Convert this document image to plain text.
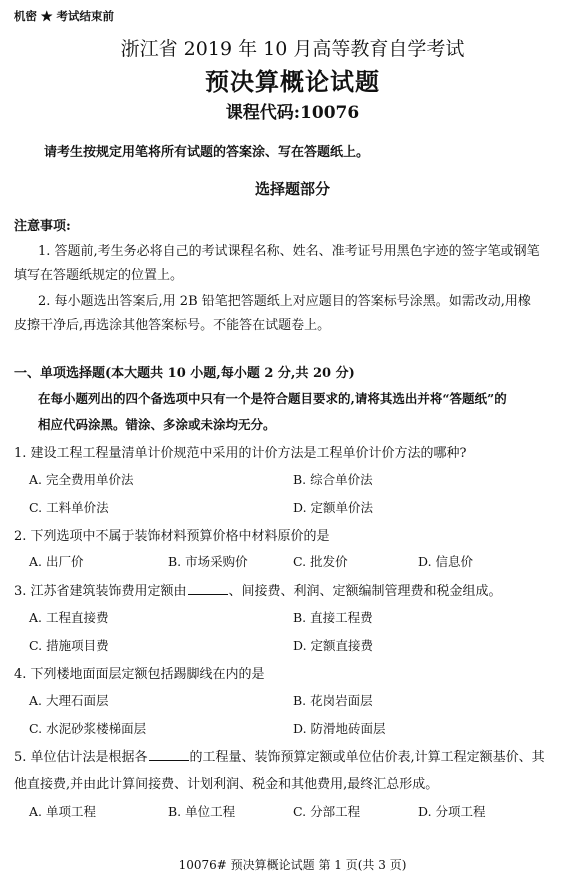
机密 ★ 考试结束前
浙江省 2019 年 10 月高等教育自学考试
预决算概论试题
课程代码:10076
请考生按规定用笔将所有试题的答案涂、写在答题纸上。
选择题部分
注意事项:
1. 答题前,考生务必将自己的考试课程名称、姓名、准考证号用黑色字迹的签字笔或钢笔
填写在答题纸规定的位置上。
2. 每小题选出答案后,用 2B 铅笔把答题纸上对应题目的答案标号涂黑。如需改动,用橡
皮擦干净后,再选涂其他答案标号。不能答在试题卷上。
一、单项选择题(本大题共 10 小题,每小题 2 分,共 20 分)
在每小题列出的四个备选项中只有一个是符合题目要求的,请将其选出并将“答题纸”的
相应代码涂黑。错涂、多涂或未涂均无分。
1. 建设工程工程量清单计价规范中采用的计价方法是工程单价计价方法的哪种?
A. 完全费用单价法	B. 综合单价法
C. 工料单价法	D. 定额单价法
2. 下列选项中不属于装饰材料预算价格中材料原价的是
A. 出厂价	B. 市场采购价	C. 批发价	D. 信息价
3. 江苏省建筑装饰费用定额由	、间接费、利润、定额编制管理费和税金组成。
A. 工程直接费	B. 直接工程费
C. 措施项目费	D. 定额直接费
4. 下列楼地面面层定额包括踢脚线在内的是
A. 大理石面层	B. 花岗岩面层
C. 水泥砂浆楼梯面层	D. 防滑地砖面层
5. 单位估计法是根据各	的工程量、装饰预算定额或单位估价表,计算工程定额基价、其
他直接费,并由此计算间接费、计划利润、税金和其他费用,最终汇总形成。
A. 单项工程	B. 单位工程	C. 分部工程	D. 分项工程
10076# 预决算概论试题 第 1 页(共 3 页)
